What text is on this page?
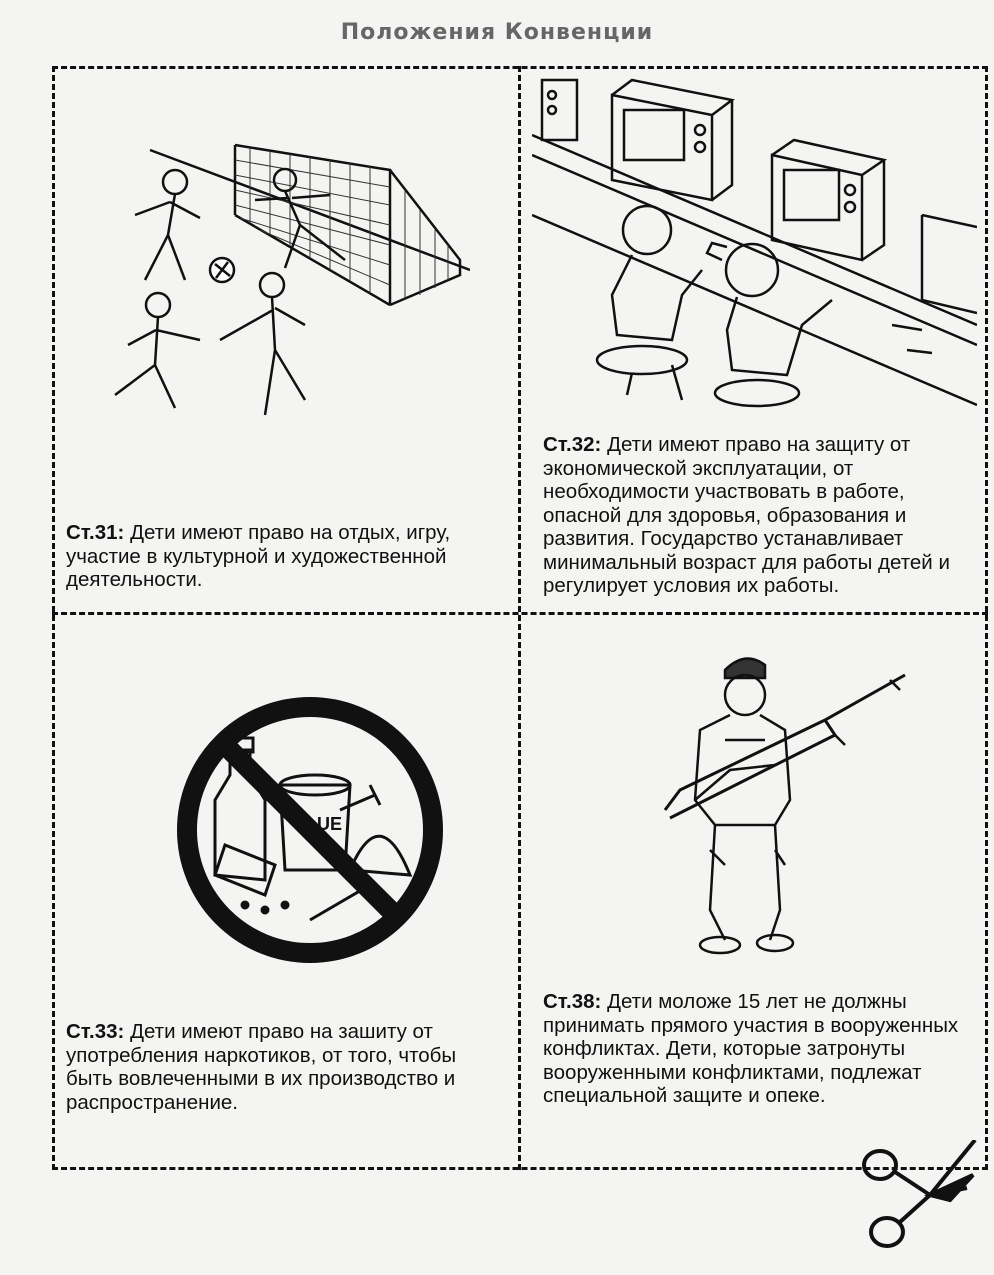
Положения Конвенции
Ст.31: Дети имеют право на отдых, игру, участие в культурной и художественной деятельности.
Ст.32: Дети имеют право на защиту от экономической эксплуатации, от необходимости участвовать в работе, опасной для здоровья, образования и развития. Государство устанавливает минимальный возраст для работы детей и регулирует условия их работы.
GLUE
Ст.33: Дети имеют право на зашиту от употребления наркотиков, от того, чтобы быть вовлеченными в их производство и распространение.
Ст.38: Дети моложе 15 лет не должны принимать прямого участия в вооруженных конфликтах. Дети, которые затронуты вооруженными конфликтами, подлежат специальной защите и опеке.
